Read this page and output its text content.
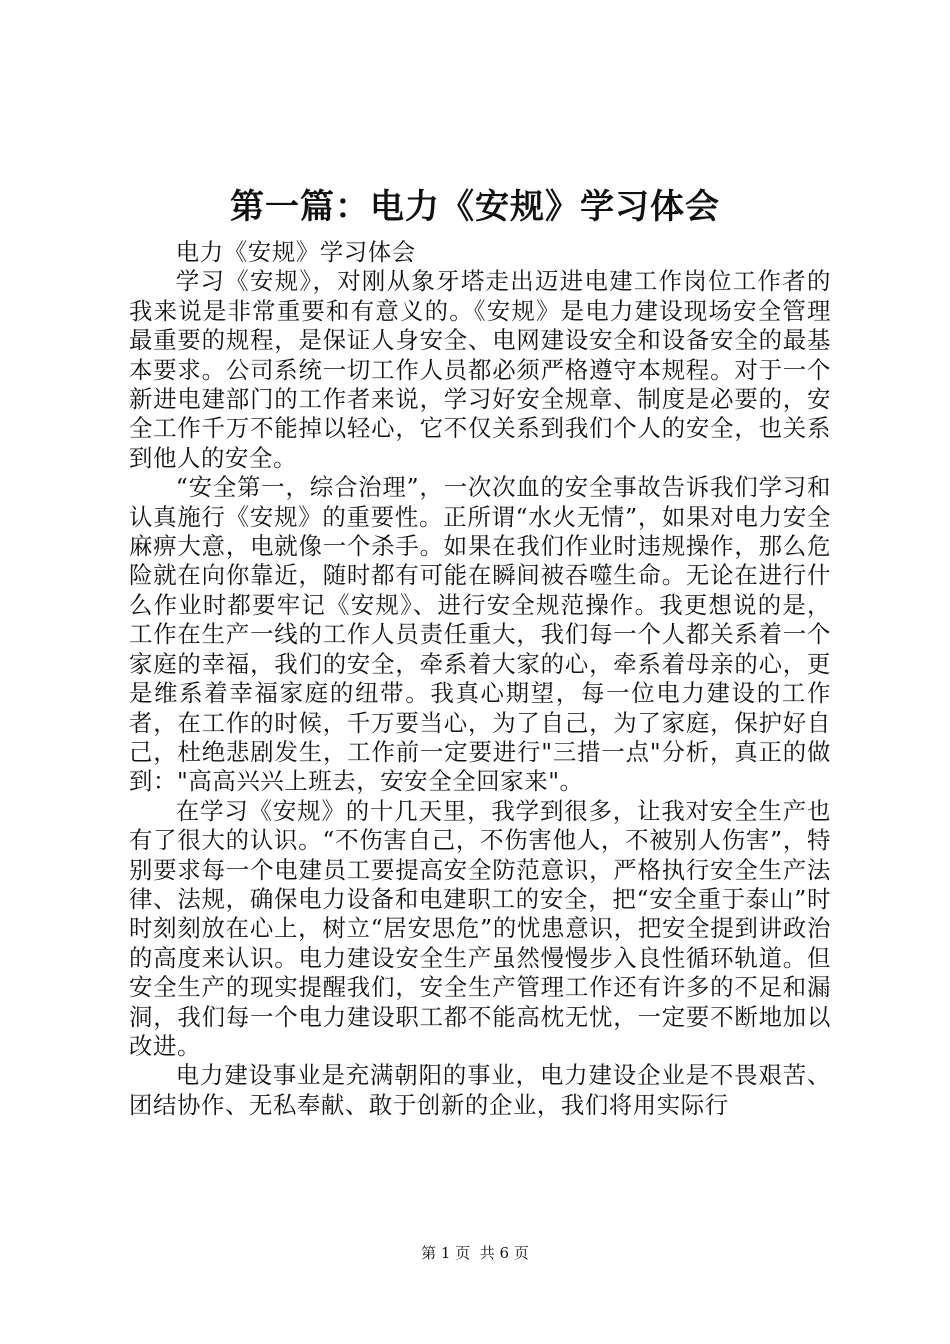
第一篇：电力《安规》学习体会

电力《安规》学习体会

学习《安规》，对刚从象牙塔走出迈进电建工作岗位工作者的我来说是非常重要和有意义的。《安规》是电力建设现场安全管理最重要的规程，是保证人身安全、电网建设安全和设备安全的最基本要求。公司系统一切工作人员都必须严格遵守本规程。对于一个新进电建部门的工作者来说，学习好安全规章、制度是必要的，安全工作千万不能掉以轻心，它不仅关系到我们个人的安全，也关系到他人的安全。

“安全第一，综合治理”，一次次血的安全事故告诉我们学习和认真施行《安规》的重要性。正所谓“水火无情”，如果对电力安全麻痹大意，电就像一个杀手。如果在我们作业时违规操作，那么危险就在向你靠近，随时都有可能在瞬间被吞噬生命。无论在进行什么作业时都要牢记《安规》、进行安全规范操作。我更想说的是，工作在生产一线的工作人员责任重大，我们每一个人都关系着一个家庭的幸福，我们的安全，牵系着大家的心，牵系着母亲的心，更是维系着幸福家庭的纽带。我真心期望，每一位电力建设的工作者，在工作的时候，千万要当心，为了自己，为了家庭，保护好自己，杜绝悲剧发生，工作前一定要进行"三措一点"分析，真正的做到："高高兴兴上班去，安安全全回家来"。

在学习《安规》的十几天里，我学到很多，让我对安全生产也有了很大的认识。“不伤害自己，不伤害他人，不被别人伤害”，特别要求每一个电建员工要提高安全防范意识，严格执行安全生产法律、法规，确保电力设备和电建职工的安全，把“安全重于泰山”时时刻刻放在心上，树立“居安思危”的忧患意识，把安全提到讲政治的高度来认识。电力建设安全生产虽然慢慢步入良性循环轨道。但安全生产的现实提醒我们，安全生产管理工作还有许多的不足和漏洞，我们每一个电力建设职工都不能高枕无忧，一定要不断地加以改进。

电力建设事业是充满朝阳的事业，电力建设企业是不畏艰苦、团结协作、无私奉献、敢于创新的企业，我们将用实际行

第 1 页  共 6 页
